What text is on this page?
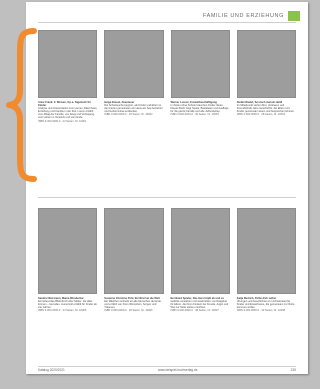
FAMILIE UND ERZIEHUNG
Anne Frank: Z. Weisen, 8.p.a. Tagebuch für Kinder
Analyse und Interpretation zum Lernen, Elternhaus, Erziehung und Familie in der Zeit. Lorem erzählt vom Alltag der Familie, von Krieg und Verfolgung, vom Leben im Versteck und vom Ende.
ISBN 3-000-0000-0 · 24 Seiten, Nr. 10001
Helga Breuel, Abenteuer
Die Schatzsuche beginnt, als Kinder und Eltern in den Ferien gemeinsam ein Haus am See beziehen und Geheimnisse entdecken.
ISBN 3-000-0000-0 · 32 Seiten, Nr. 10002
Werner Lorenz, Freizeitbeschäftigung
In Zeiten ohne Schule brauchen Kinder Ideen. Dieses Buch zeigt Spiele, Basteleien und Ausflüge für die ganze Familie und alle Jahreszeiten.
ISBN 3-000-0000-0 · 40 Seiten, Nr. 10003
Stefan Riedel, Sei doch mal ein Held!
Im Mittelpunkt stehen Mut, Vertrauen und Freundschaft. Eine Geschichte, die Eltern und Kinder gemeinsam lesen und besprechen können.
ISBN 3-000-0000-0 · 28 Seiten, Nr. 10004
Sandra Obermann, Mama Wunderbar
Ein liebevolles Bilderbuch über Mütter, die alles können – fast alles. Humorvoll erzählt für Kinder ab vier Jahren.
ISBN 3-000-0000-0 · 24 Seiten, Nr. 10005
Susanne Christine Pohl, Ein Brief an die Welt
Ein Mädchen schreibt an alle Menschen der Erde und erzählt von ihren Wünschen, Sorgen und Träumen.
ISBN 3-000-0000-0 · 36 Seiten, Nr. 10006
Bernhard Spieler, Das Herz hüpft ab und zu
Gefühle verstehen und ausdrücken: ein Ratgeber für Eltern, die ihren Kindern bei Freude, Angst und Wut zur Seite stehen möchten.
ISBN 3-000-0000-0 · 48 Seiten, Nr. 10007
Katja Dietrich, Fühle dich selbst
Übungen und Geschichten zur Achtsamkeit für Kinder und Erwachsene, die gemeinsam zur Ruhe kommen wollen.
ISBN 3-000-0000-0 · 32 Seiten, Nr. 10008
Katalog 2020/2021	www.beispiel-buchverlag.de	235
